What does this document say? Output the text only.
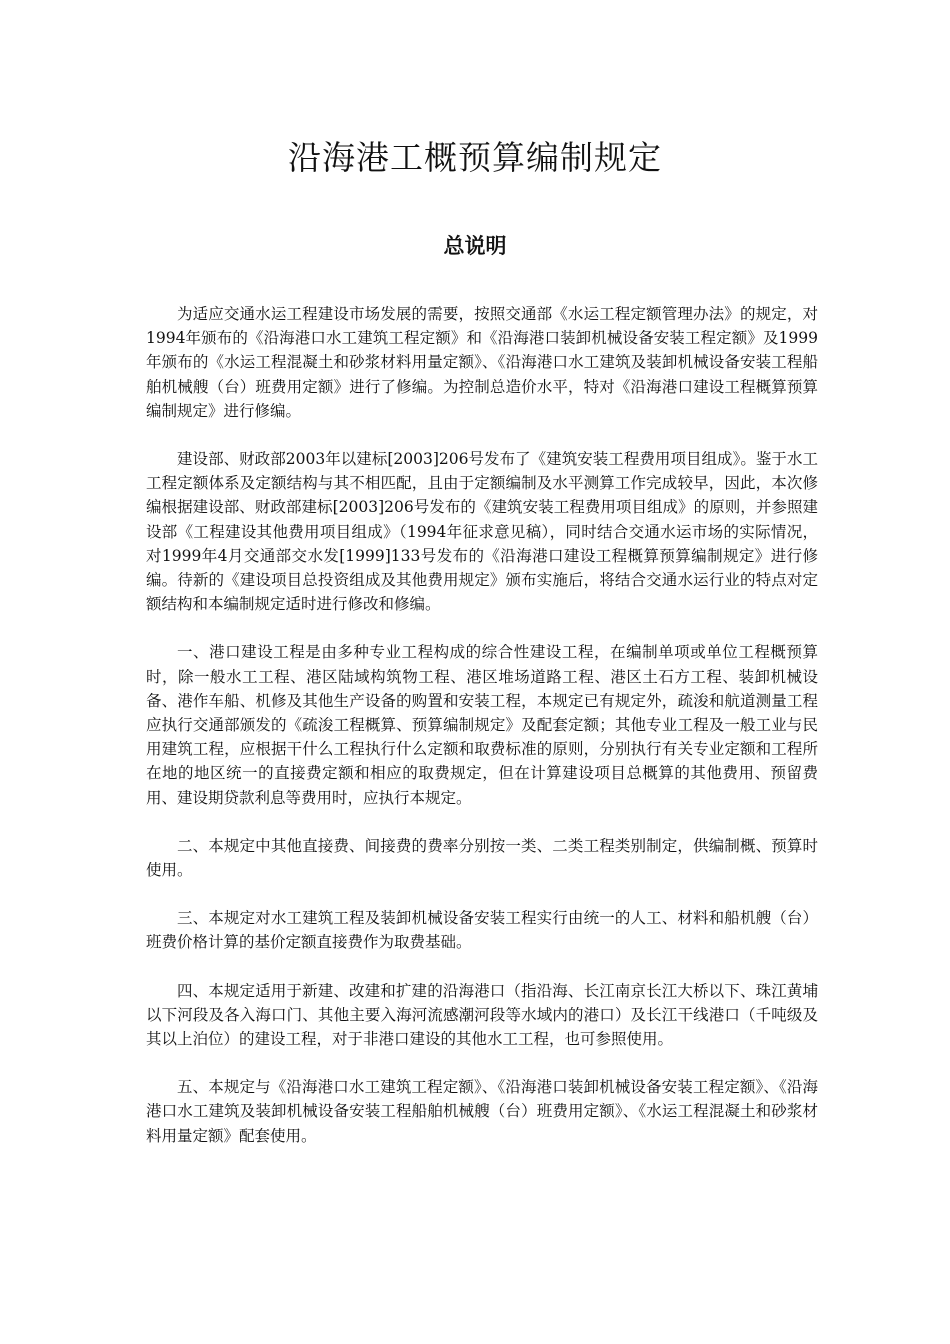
沿海港工概预算编制规定
总说明

为适应交通水运工程建设市场发展的需要，按照交通部《水运工程定额管理办法》的规定，对1994年颁布的《沿海港口水工建筑工程定额》和《沿海港口装卸机械设备安装工程定额》及1999年颁布的《水运工程混凝土和砂浆材料用量定额》、《沿海港口水工建筑及装卸机械设备安装工程船舶机械艘（台）班费用定额》进行了修编。为控制总造价水平，特对《沿海港口建设工程概算预算编制规定》进行修编。

建设部、财政部2003年以建标[2003]206号发布了《建筑安装工程费用项目组成》。鉴于水工工程定额体系及定额结构与其不相匹配，且由于定额编制及水平测算工作完成较早，因此，本次修编根据建设部、财政部建标[2003]206号发布的《建筑安装工程费用项目组成》的原则，并参照建设部《工程建设其他费用项目组成》（1994年征求意见稿），同时结合交通水运市场的实际情况，对1999年4月交通部交水发[1999]133号发布的《沿海港口建设工程概算预算编制规定》进行修编。待新的《建设项目总投资组成及其他费用规定》颁布实施后，将结合交通水运行业的特点对定额结构和本编制规定适时进行修改和修编。

一、港口建设工程是由多种专业工程构成的综合性建设工程，在编制单项或单位工程概预算时，除一般水工工程、港区陆域构筑物工程、港区堆场道路工程、港区土石方工程、装卸机械设备、港作车船、机修及其他生产设备的购置和安装工程，本规定已有规定外，疏浚和航道测量工程应执行交通部颁发的《疏浚工程概算、预算编制规定》及配套定额；其他专业工程及一般工业与民用建筑工程，应根据干什么工程执行什么定额和取费标准的原则，分别执行有关专业定额和工程所在地的地区统一的直接费定额和相应的取费规定，但在计算建设项目总概算的其他费用、预留费用、建设期贷款利息等费用时，应执行本规定。

二、本规定中其他直接费、间接费的费率分别按一类、二类工程类别制定，供编制概、预算时使用。

三、本规定对水工建筑工程及装卸机械设备安装工程实行由统一的人工、材料和船机艘（台）班费价格计算的基价定额直接费作为取费基础。

四、本规定适用于新建、改建和扩建的沿海港口（指沿海、长江南京长江大桥以下、珠江黄埔以下河段及各入海口门、其他主要入海河流感潮河段等水域内的港口）及长江干线港口（千吨级及其以上泊位）的建设工程，对于非港口建设的其他水工工程，也可参照使用。

五、本规定与《沿海港口水工建筑工程定额》、《沿海港口装卸机械设备安装工程定额》、《沿海港口水工建筑及装卸机械设备安装工程船舶机械艘（台）班费用定额》、《水运工程混凝土和砂浆材料用量定额》配套使用。
